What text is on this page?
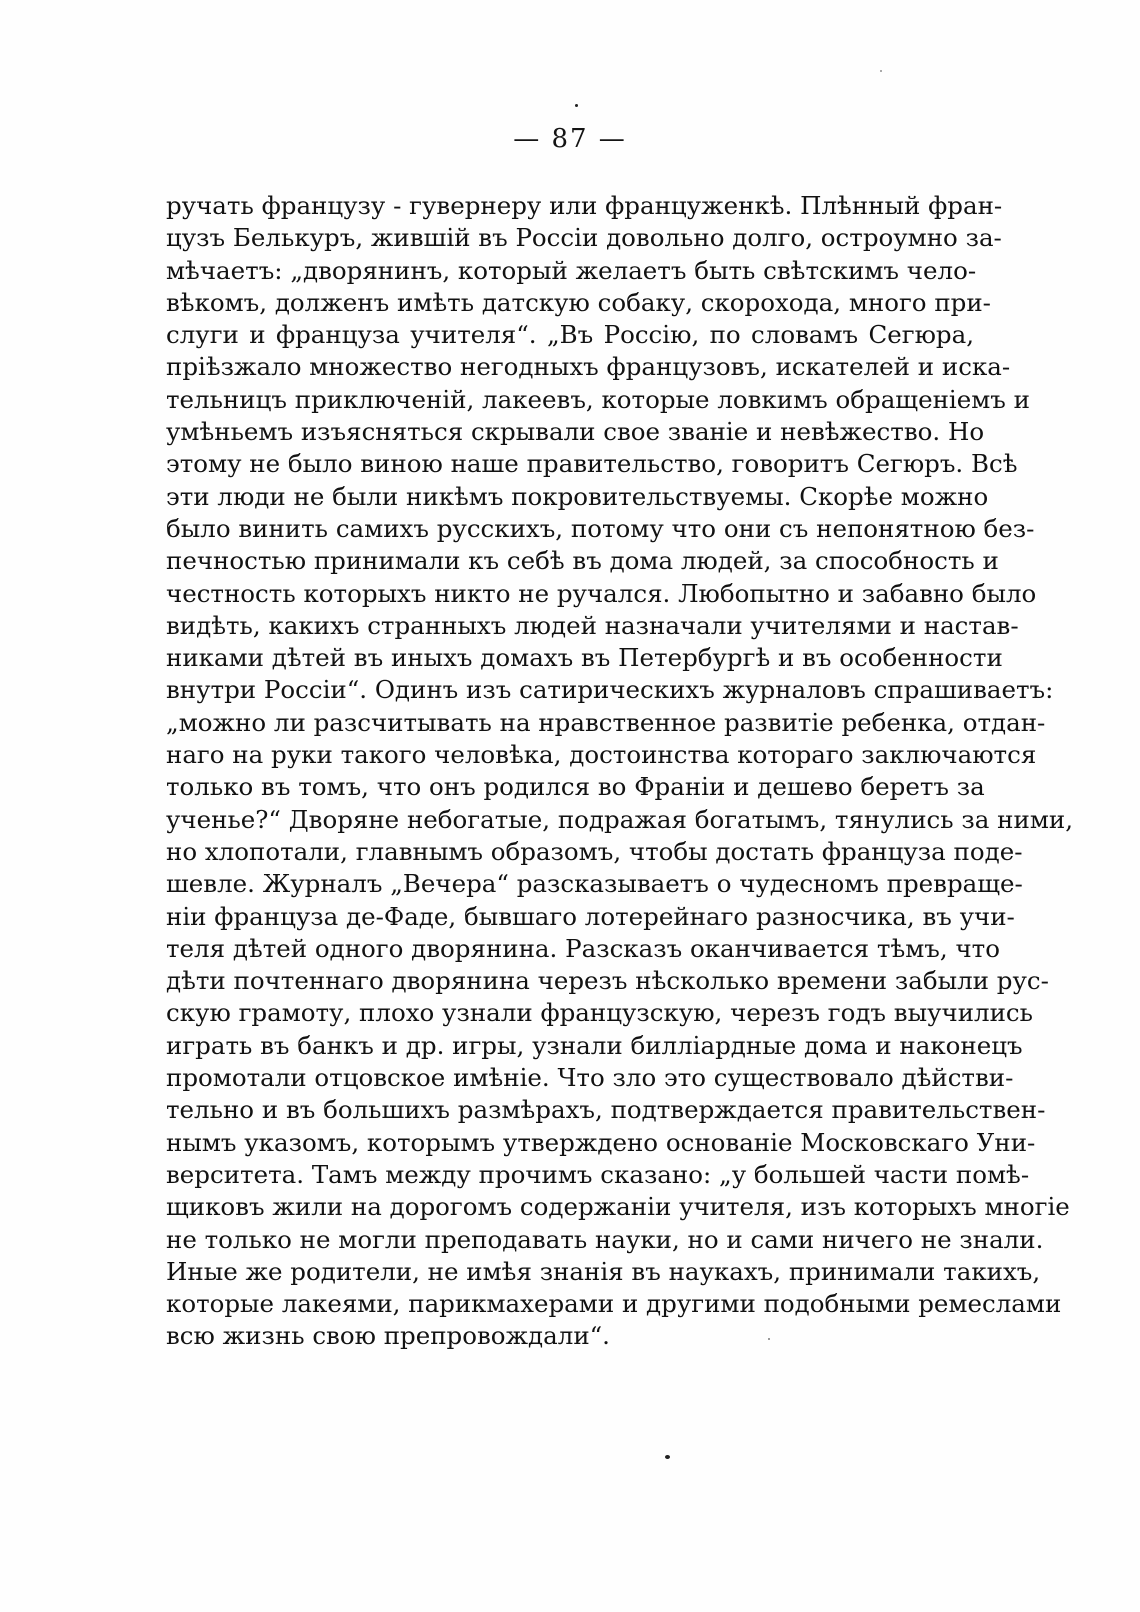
— 87 —
ручать французу - гувернеру или француженкѣ. Плѣнный фран-
цузъ Белькуръ, жившій въ Россіи довольно долго, остроумно за-
мѣчаетъ: „дворянинъ, который желаетъ быть свѣтскимъ чело-
вѣкомъ, долженъ имѣть датскую собаку, скорохода, много при-
слуги и француза учителя“. „Въ Россію, по словамъ Сегюра,
пріѣзжало множество негодныхъ французовъ, искателей и иска-
тельницъ приключеній, лакеевъ, которые ловкимъ обращеніемъ и
умѣньемъ изъясняться скрывали свое званіе и невѣжество. Но
этому не было виною наше правительство, говоритъ Сегюръ. Всѣ
эти люди не были никѣмъ покровительствуемы. Скорѣе можно
было винить самихъ русскихъ, потому что они съ непонятною без-
печностью принимали къ себѣ въ дома людей, за способность и
честность которыхъ никто не ручался. Любопытно и забавно было
видѣть, какихъ странныхъ людей назначали учителями и настав-
никами дѣтей въ иныхъ домахъ въ Петербургѣ и въ особенности
внутри Россіи“. Одинъ изъ сатирическихъ журналовъ спрашиваетъ:
„можно ли разсчитывать на нравственное развитіе ребенка, отдан-
наго на руки такого человѣка, достоинства котораго заключаются
только въ томъ, что онъ родился во Франіи и дешево беретъ за
ученье?“ Дворяне небогатые, подражая богатымъ, тянулись за ними,
но хлопотали, главнымъ образомъ, чтобы достать француза поде-
шевле. Журналъ „Вечера“ разсказываетъ о чудесномъ превраще-
ніи француза де-Фаде, бывшаго лотерейнаго разносчика, въ учи-
теля дѣтей одного дворянина. Разсказъ оканчивается тѣмъ, что
дѣти почтеннаго дворянина черезъ нѣсколько времени забыли рус-
скую грамоту, плохо узнали французскую, черезъ годъ выучились
играть въ банкъ и др. игры, узнали билліардные дома и наконецъ
промотали отцовское имѣніе. Что зло это существовало дѣйстви-
тельно и въ большихъ размѣрахъ, подтверждается правительствен-
нымъ указомъ, которымъ утверждено основаніе Московскаго Уни-
верситета. Тамъ между прочимъ сказано: „у большей части помѣ-
щиковъ жили на дорогомъ содержаніи учителя, изъ которыхъ многіе
не только не могли преподавать науки, но и сами ничего не знали.
Иные же родители, не имѣя знанія въ наукахъ, принимали такихъ,
которые лакеями, парикмахерами и другими подобными ремеслами
всю жизнь свою препровождали“.
